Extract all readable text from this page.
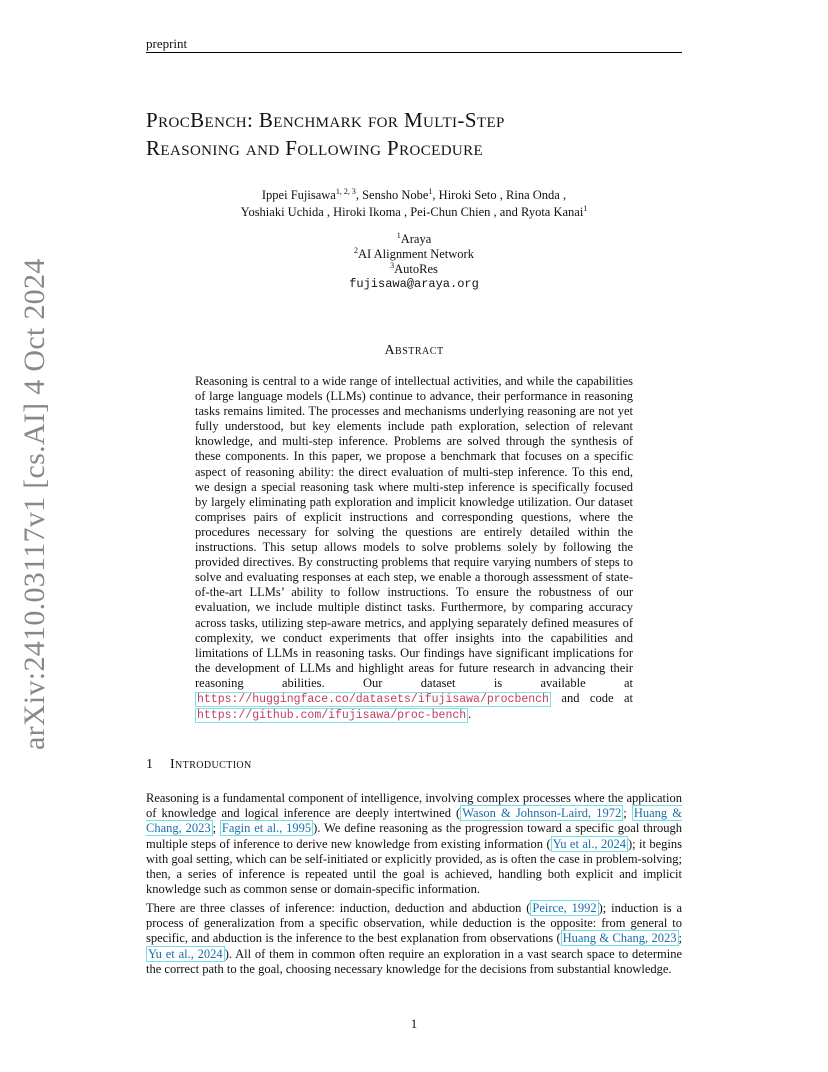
preprint
arXiv:2410.03117v1 [cs.AI] 4 Oct 2024
ProcBench: Benchmark for Multi-Step
Reasoning and Following Procedure
Ippei Fujisawa$^{1, 2, 3}$, Sensho Nobe$^1$, Hiroki Seto , Rina Onda ,
Yoshiaki Uchida , Hiroki Ikoma , Pei-Chun Chien , and Ryota Kanai$^1$
$^1$Araya
$^2$AI Alignment Network
$^3$AutoRes
fujisawa@araya.org
Abstract
Reasoning is central to a wide range of intellectual activities, and while the capabilities of large language models (LLMs) continue to advance, their performance in reasoning tasks remains limited. The processes and mechanisms underlying reasoning are not yet fully understood, but key elements include path exploration, selection of relevant knowledge, and multi-step inference. Problems are solved through the synthesis of these components. In this paper, we propose a benchmark that focuses on a specific aspect of reasoning ability: the direct evaluation of multi-step inference. To this end, we design a special reasoning task where multi-step inference is specifically focused by largely eliminating path exploration and implicit knowledge utilization. Our dataset comprises pairs of explicit instructions and corresponding questions, where the procedures necessary for solving the questions are entirely detailed within the instructions. This setup allows models to solve problems solely by following the provided directives. By constructing problems that require varying numbers of steps to solve and evaluating responses at each step, we enable a thorough assessment of state-of-the-art LLMs’ ability to follow instructions. To ensure the robustness of our evaluation, we include multiple distinct tasks. Furthermore, by comparing accuracy across tasks, utilizing step-aware metrics, and applying separately defined measures of complexity, we conduct experiments that offer insights into the capabilities and limitations of LLMs in reasoning tasks. Our findings have significant implications for the development of LLMs and highlight areas for future research in advancing their reasoning abilities. Our dataset is available at https://huggingface.co/datasets/ifujisawa/procbench and code at https://github.com/ifujisawa/proc-bench .
1 Introduction
Reasoning is a fundamental component of intelligence, involving complex processes where the application of knowledge and logical inference are deeply intertwined ( Wason & Johnson-Laird, 1972 ; Huang & Chang, 2023 ; Fagin et al., 1995 ). We define reasoning as the progression toward a specific goal through multiple steps of inference to derive new knowledge from existing information ( Yu et al., 2024 ); it begins with goal setting, which can be self-initiated or explicitly provided, as is often the case in problem-solving; then, a series of inference is repeated until the goal is achieved, handling both explicit and implicit knowledge such as common sense or domain-specific information.
There are three classes of inference: induction, deduction and abduction ( Peirce, 1992 ); induction is a process of generalization from a specific observation, while deduction is the opposite: from general to specific, and abduction is the inference to the best explanation from observations ( Huang & Chang, 2023 ; Yu et al., 2024 ). All of them in common often require an exploration in a vast search space to determine the correct path to the goal, choosing necessary knowledge for the decisions from substantial knowledge.
1
